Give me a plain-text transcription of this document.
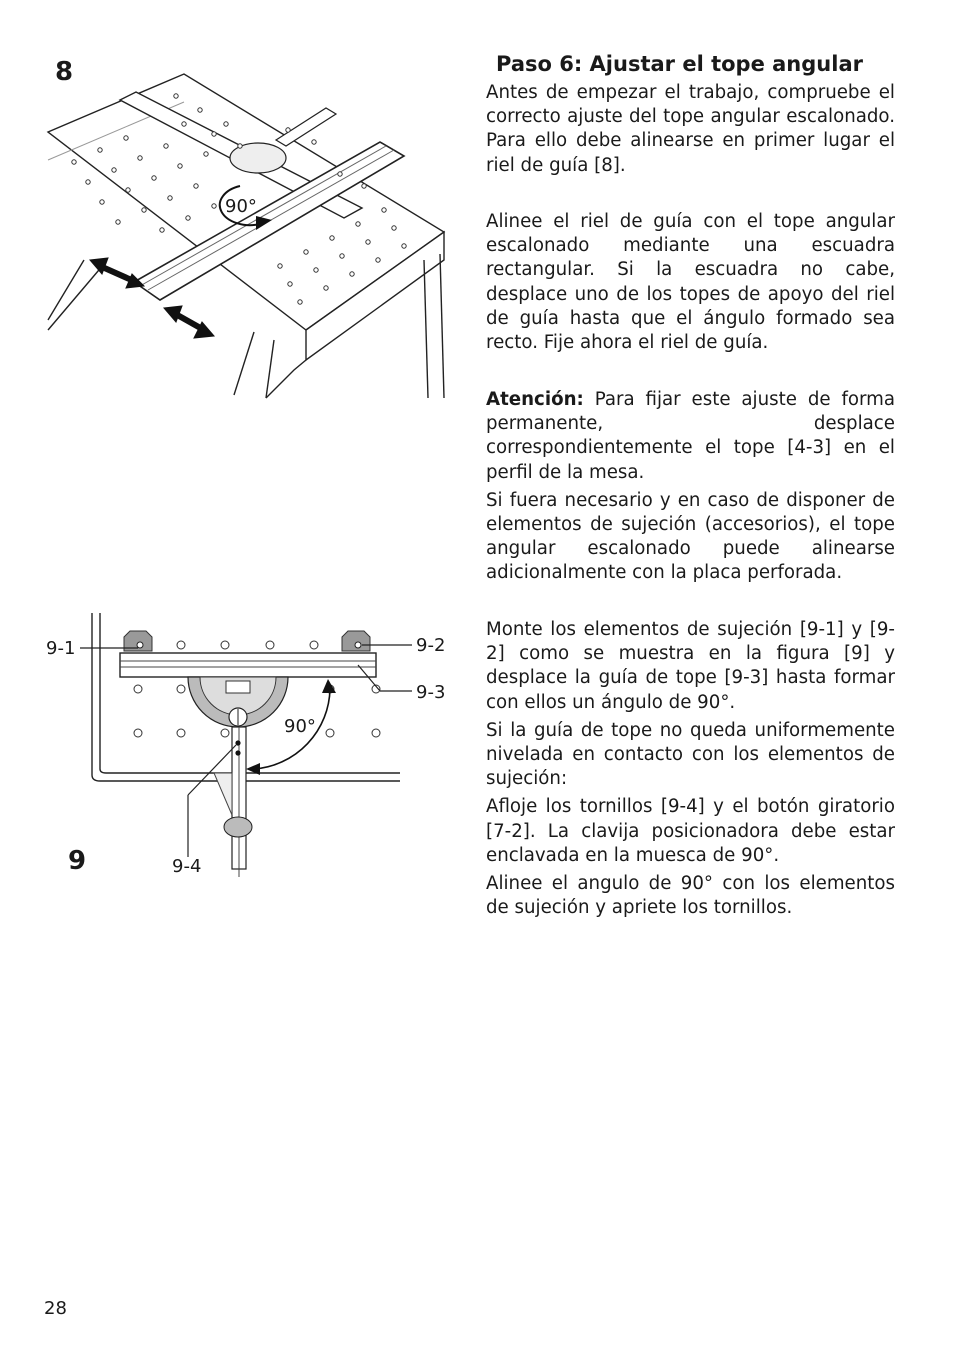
8
90°
9
90°
9-1	9-2
9-3
9-4
Paso 6: Ajustar el tope angular

Antes de empezar el trabajo, compruebe el correcto ajuste del tope angular escalonado. Para ello debe alinearse en primer lugar el riel de guía [8].

Alinee el riel de guía con el tope angular escalonado mediante una escuadra rectangular. Si la escuadra no cabe, desplace uno de los topes de apoyo del riel de guía hasta que el ángulo formado sea recto. Fije ahora el riel de guía.

Atención: Para fijar este ajuste de forma permanente, desplace correspondientemente el tope [4-3] en el perfil de la mesa.

Si fuera necesario y en caso de disponer de elementos de sujeción (accesorios), el tope angular escalonado puede alinearse adicionalmente con la placa perforada.

Monte los elementos de sujeción [9-1] y [9-2] como se muestra en la figura [9] y desplace la guía de tope [9-3] hasta formar con ellos un ángulo de 90°.

Si la guía de tope no queda uniformemente nivelada en contacto con los elementos de sujeción:

Afloje los tornillos [9-4] y el botón giratorio [7-2]. La clavija posicionadora debe estar enclavada en la muesca de 90°.

Alinee el angulo de 90° con los elementos de sujeción y apriete los tornillos.

28
